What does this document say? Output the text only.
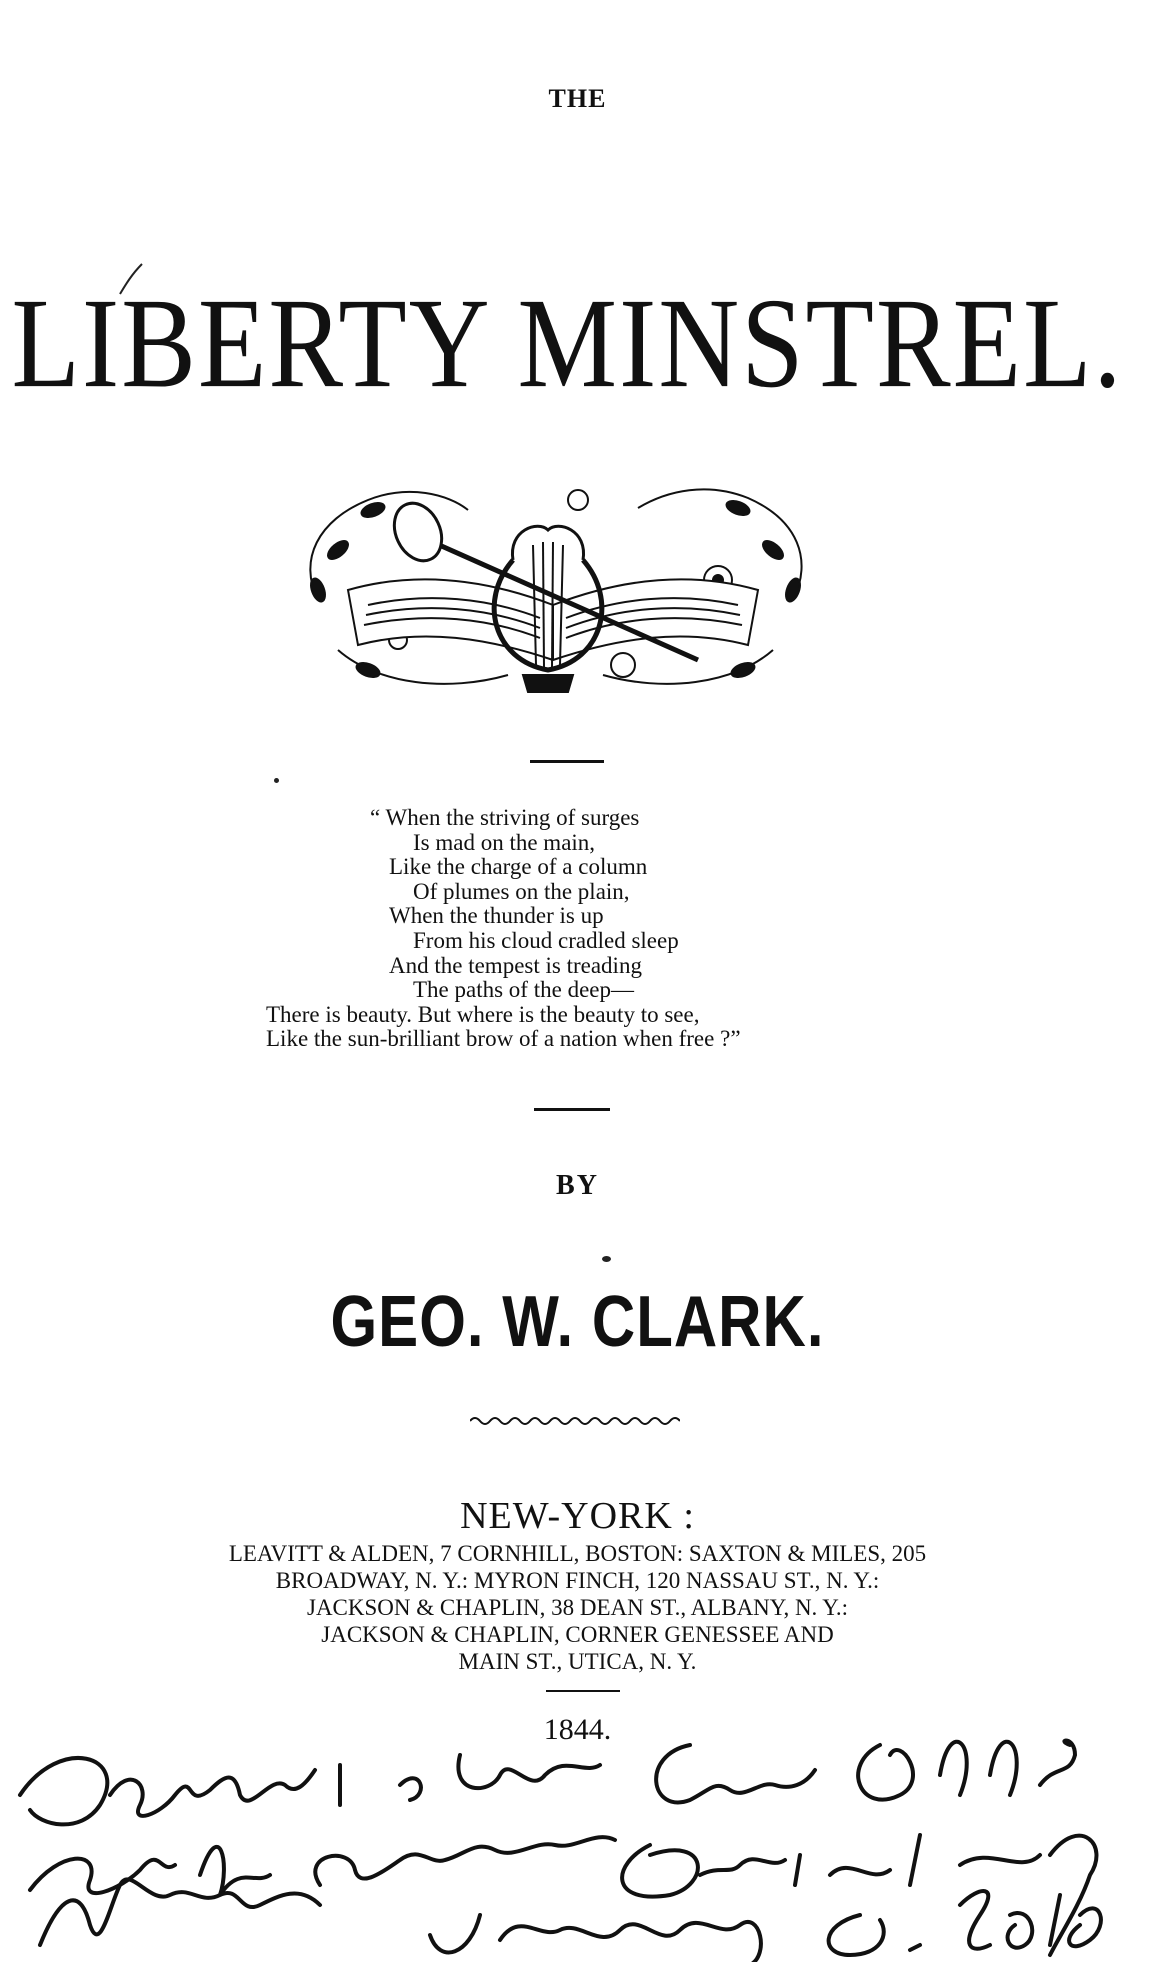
THE
LIBERTY MINSTREL.
“ When the striving of surges
Is mad on the main,
Like the charge of a column
Of plumes on the plain,
When the thunder is up
From his cloud cradled sleep
And the tempest is treading
The paths of the deep—
There is beauty. But where is the beauty to see,
Like the sun-brilliant brow of a nation when free ?”
BY
GEO. W. CLARK.
NEW-YORK :
LEAVITT & ALDEN, 7 CORNHILL, BOSTON: SAXTON & MILES, 205
BROADWAY, N. Y.: MYRON FINCH, 120 NASSAU ST., N. Y.:
JACKSON & CHAPLIN, 38 DEAN ST., ALBANY, N. Y.:
JACKSON & CHAPLIN, CORNER GENESSEE AND
MAIN ST., UTICA, N. Y.
1844.
